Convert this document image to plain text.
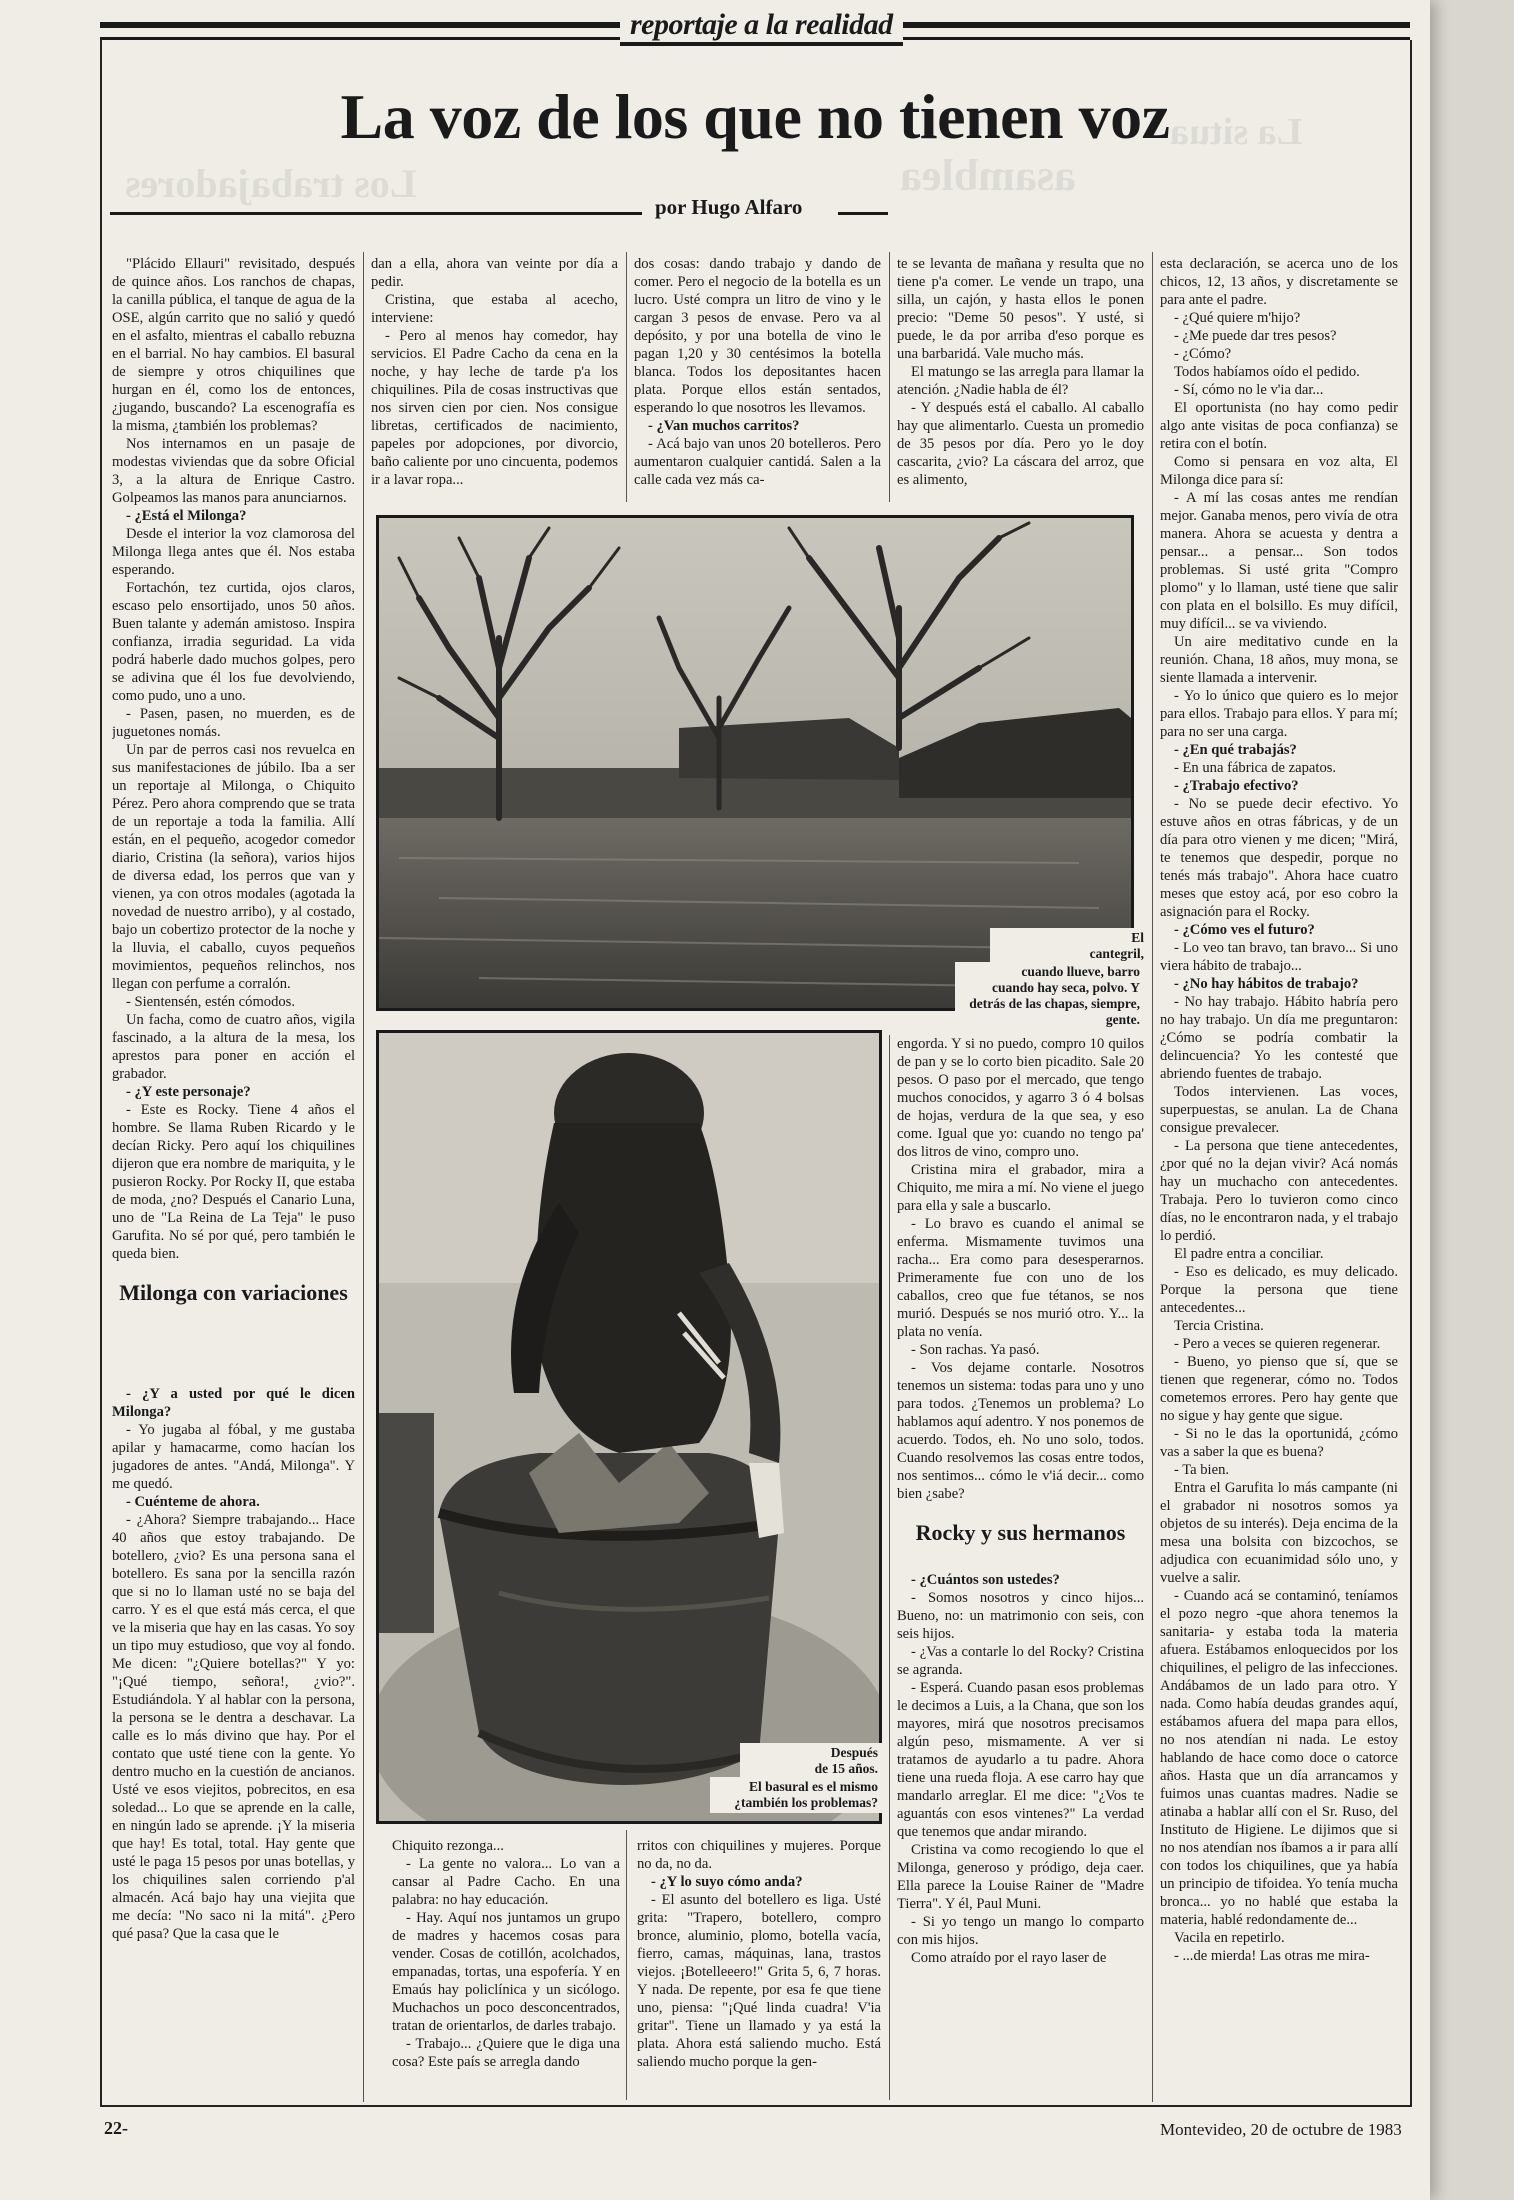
Los trabajadores	asamblea
La situa
reportaje a la realidad
La voz de los que no tienen voz
por Hugo Alfaro

"Plácido Ellauri" revisitado, después de quince años. Los ranchos de chapas, la canilla pública, el tanque de agua de la OSE, algún carrito que no salió y quedó en el asfalto, mientras el caballo rebuzna en el barrial. No hay cambios. El basural de siempre y otros chiquilines que hurgan en él, como los de entonces, ¿jugando, buscando? La escenografía es la misma, ¿también los problemas?

Nos internamos en un pasaje de modestas viviendas que da sobre Oficial 3, a la altura de Enrique Castro. Golpeamos las manos para anunciarnos.

- ¿Está el Milonga?

Desde el interior la voz clamorosa del Milonga llega antes que él. Nos estaba esperando.

Fortachón, tez curtida, ojos claros, escaso pelo ensortijado, unos 50 años. Buen talante y ademán amistoso. Inspira confianza, irradia seguridad. La vida podrá haberle dado muchos golpes, pero se adivina que él los fue devolviendo, como pudo, uno a uno.

- Pasen, pasen, no muerden, es de juguetones nomás.

Un par de perros casi nos revuelca en sus manifestaciones de júbilo. Iba a ser un reportaje al Milonga, o Chiquito Pérez. Pero ahora comprendo que se trata de un reportaje a toda la familia. Allí están, en el pequeño, acogedor comedor diario, Cristina (la señora), varios hijos de diversa edad, los perros que van y vienen, ya con otros modales (agotada la novedad de nuestro arribo), y al costado, bajo un cobertizo protector de la noche y la lluvia, el caballo, cuyos pequeños movimientos, pequeños relinchos, nos llegan con perfume a corralón.

- Sientensén, estén cómodos.

Un facha, como de cuatro años, vigila fascinado, a la altura de la mesa, los aprestos para poner en acción el grabador.

- ¿Y este personaje?

- Este es Rocky. Tiene 4 años el hombre. Se llama Ruben Ricardo y le decían Ricky. Pero aquí los chiquilines dijeron que era nombre de mariquita, y le pusieron Rocky. Por Rocky II, que estaba de moda, ¿no? Después el Canario Luna, uno de "La Reina de La Teja" le puso Garufita. No sé por qué, pero también le queda bien.

Milonga con variaciones

- ¿Y a usted por qué le dicen Milonga?

- Yo jugaba al fóbal, y me gustaba apilar y hamacarme, como hacían los jugadores de antes. "Andá, Milonga". Y me quedó.

- Cuénteme de ahora.

- ¿Ahora? Siempre trabajando... Hace 40 años que estoy trabajando. De botellero, ¿vio? Es una persona sana el botellero. Es sana por la sencilla razón que si no lo llaman usté no se baja del carro. Y es el que está más cerca, el que ve la miseria que hay en las casas. Yo soy un tipo muy estudioso, que voy al fondo. Me dicen: "¿Quiere botellas?" Y yo: "¡Qué tiempo, señora!, ¿vio?". Estudiándola. Y al hablar con la persona, la persona se le dentra a deschavar. La calle es lo más divino que hay. Por el contato que usté tiene con la gente. Yo dentro mucho en la cuestión de ancianos. Usté ve esos viejitos, pobrecitos, en esa soledad... Lo que se aprende en la calle, en ningún lado se aprende. ¡Y la miseria que hay! Es total, total. Hay gente que usté le paga 15 pesos por unas botellas, y los chiquilines salen corriendo p'al almacén. Acá bajo hay una viejita que me decía: "No saco ni la mitá". ¿Pero qué pasa? Que la casa que le

dan a ella, ahora van veinte por día a pedir.

Cristina, que estaba al acecho, interviene:

- Pero al menos hay comedor, hay servicios. El Padre Cacho da cena en la noche, y hay leche de tarde p'a los chiquilines. Pila de cosas instructivas que nos sirven cien por cien. Nos consigue libretas, certificados de nacimiento, papeles por adopciones, por divorcio, baño caliente por uno cincuenta, podemos ir a lavar ropa...

dos cosas: dando trabajo y dando de comer. Pero el negocio de la botella es un lucro. Usté compra un litro de vino y le cargan 3 pesos de envase. Pero va al depósito, y por una botella de vino le pagan 1,20 y 30 centésimos la botella blanca. Todos los depositantes hacen plata. Porque ellos están sentados, esperando lo que nosotros les llevamos.

- ¿Van muchos carritos?

- Acá bajo van unos 20 botelleros. Pero aumentaron cualquier cantidá. Salen a la calle cada vez más ca-

te se levanta de mañana y resulta que no tiene p'a comer. Le vende un trapo, una silla, un cajón, y hasta ellos le ponen precio: "Deme 50 pesos". Y usté, si puede, le da por arriba d'eso porque es una barbaridá. Vale mucho más.

El matungo se las arregla para llamar la atención. ¿Nadie habla de él?

- Y después está el caballo. Al caballo hay que alimentarlo. Cuesta un promedio de 35 pesos por día. Pero yo le doy cascarita, ¿vio? La cáscara del arroz, que es alimento,

esta declaración, se acerca uno de los chicos, 12, 13 años, y discretamente se para ante el padre.

- ¿Qué quiere m'hijo?

- ¿Me puede dar tres pesos?

- ¿Cómo?

Todos habíamos oído el pedido.

- Sí, cómo no le v'ia dar...

El oportunista (no hay como pedir algo ante visitas de poca confianza) se retira con el botín.

Como si pensara en voz alta, El Milonga dice para sí:

- A mí las cosas antes me rendían mejor. Ganaba menos, pero vivía de otra manera. Ahora se acuesta y dentra a pensar... a pensar... Son todos problemas. Si usté grita "Compro plomo" y lo llaman, usté tiene que salir con plata en el bolsillo. Es muy difícil, muy difícil... se va viviendo.

Un aire meditativo cunde en la reunión. Chana, 18 años, muy mona, se siente llamada a intervenir.

- Yo lo único que quiero es lo mejor para ellos. Trabajo para ellos. Y para mí; para no ser una carga.

- ¿En qué trabajás?

- En una fábrica de zapatos.

- ¿Trabajo efectivo?

- No se puede decir efectivo. Yo estuve años en otras fábricas, y de un día para otro vienen y me dicen; "Mirá, te tenemos que despedir, porque no tenés más trabajo". Ahora hace cuatro meses que estoy acá, por eso cobro la asignación para el Rocky.

- ¿Cómo ves el futuro?

- Lo veo tan bravo, tan bravo... Si uno viera hábito de trabajo...

- ¿No hay hábitos de trabajo?

- No hay trabajo. Hábito habría pero no hay trabajo. Un día me preguntaron: ¿Cómo se podría combatir la delincuencia? Yo les contesté que abriendo fuentes de trabajo.

Todos intervienen. Las voces, superpuestas, se anulan. La de Chana consigue prevalecer.

- La persona que tiene antecedentes, ¿por qué no la dejan vivir? Acá nomás hay un muchacho con antecedentes. Trabaja. Pero lo tuvieron como cinco días, no le encontraron nada, y el trabajo lo perdió.

El padre entra a conciliar.

- Eso es delicado, es muy delicado. Porque la persona que tiene antecedentes...

Tercia Cristina.

- Pero a veces se quieren regenerar.

- Bueno, yo pienso que sí, que se tienen que regenerar, cómo no. Todos cometemos errores. Pero hay gente que no sigue y hay gente que sigue.

- Si no le das la oportunidá, ¿cómo vas a saber la que es buena?

- Ta bien.

Entra el Garufita lo más campante (ni el grabador ni nosotros somos ya objetos de su interés). Deja encima de la mesa una bolsita con bizcochos, se adjudica con ecuanimidad sólo uno, y vuelve a salir.

- Cuando acá se contaminó, teníamos el pozo negro -que ahora tenemos la sanitaria- y estaba toda la materia afuera. Estábamos enloquecidos por los chiquilines, el peligro de las infecciones. Andábamos de un lado para otro. Y nada. Como había deudas grandes aquí, estábamos afuera del mapa para ellos, no nos atendían ni nada. Le estoy hablando de hace como doce o catorce años. Hasta que un día arrancamos y fuimos unas cuantas madres. Nadie se atinaba a hablar allí con el Sr. Ruso, del Instituto de Higiene. Le dijimos que si no nos atendían nos íbamos a ir para allí con todos los chiquilines, que ya había un principio de tifoidea. Yo tenía mucha bronca... yo no hablé que estaba la materia, hablé redondamente de...

Vacila en repetirlo.

- ...de mierda! Las otras me mira-

Chiquito rezonga...

- La gente no valora... Lo van a cansar al Padre Cacho. En una palabra: no hay educación.

- Hay. Aquí nos juntamos un grupo de madres y hacemos cosas para vender. Cosas de cotillón, acolchados, empanadas, tortas, una espofería. Y en Emaús hay policlínica y un sicólogo. Muchachos un poco desconcentrados, tratan de orientarlos, de darles trabajo.

- Trabajo... ¿Quiere que le diga una cosa? Este país se arregla dando

rritos con chiquilines y mujeres. Porque no da, no da.

- ¿Y lo suyo cómo anda?

- El asunto del botellero es liga. Usté grita: "Trapero, botellero, compro bronce, aluminio, plomo, botella vacía, fierro, camas, máquinas, lana, trastos viejos. ¡Botelleeero!" Grita 5, 6, 7 horas. Y nada. De repente, por esa fe que tiene uno, piensa: "¡Qué linda cuadra! V'ia gritar". Tiene un llamado y ya está la plata. Ahora está saliendo mucho. Está saliendo mucho porque la gen-

engorda. Y si no puedo, compro 10 quilos de pan y se lo corto bien picadito. Sale 20 pesos. O paso por el mercado, que tengo muchos conocidos, y agarro 3 ó 4 bolsas de hojas, verdura de la que sea, y eso come. Igual que yo: cuando no tengo pa' dos litros de vino, compro uno.

Cristina mira el grabador, mira a Chiquito, me mira a mí. No viene el juego para ella y sale a buscarlo.

- Lo bravo es cuando el animal se enferma. Mismamente tuvimos una racha... Era como para desesperarnos. Primeramente fue con uno de los caballos, creo que fue tétanos, se nos murió. Después se nos murió otro. Y... la plata no venía.

- Son rachas. Ya pasó.

- Vos dejame contarle. Nosotros tenemos un sistema: todas para uno y uno para todos. ¿Tenemos un problema? Lo hablamos aquí adentro. Y nos ponemos de acuerdo. Todos, eh. No uno solo, todos. Cuando resolvemos las cosas entre todos, nos sentimos... cómo le v'iá decir... como bien ¿sabe?

Rocky y sus hermanos

- ¿Cuántos son ustedes?

- Somos nosotros y cinco hijos... Bueno, no: un matrimonio con seis, con seis hijos.

- ¿Vas a contarle lo del Rocky? Cristina se agranda.

- Esperá. Cuando pasan esos problemas le decimos a Luis, a la Chana, que son los mayores, mirá que nosotros precisamos algún peso, mismamente. A ver si tratamos de ayudarlo a tu padre. Ahora tiene una rueda floja. A ese carro hay que mandarlo arreglar. El me dice: "¿Vos te aguantás con esos vintenes?" La verdad que tenemos que andar mirando.

Cristina va como recogiendo lo que el Milonga, generoso y pródigo, deja caer. Ella parece la Louise Rainer de "Madre Tierra". Y él, Paul Muni.

- Si yo tengo un mango lo comparto con mis hijos.

Como atraído por el rayo laser de

El
cantegril,
cuando llueve, barro
cuando hay seca, polvo. Y
detrás de las chapas, siempre, gente.
Después
de 15 años.
El basural es el mismo
¿también los problemas?
22-	Montevideo, 20 de octubre de 1983
